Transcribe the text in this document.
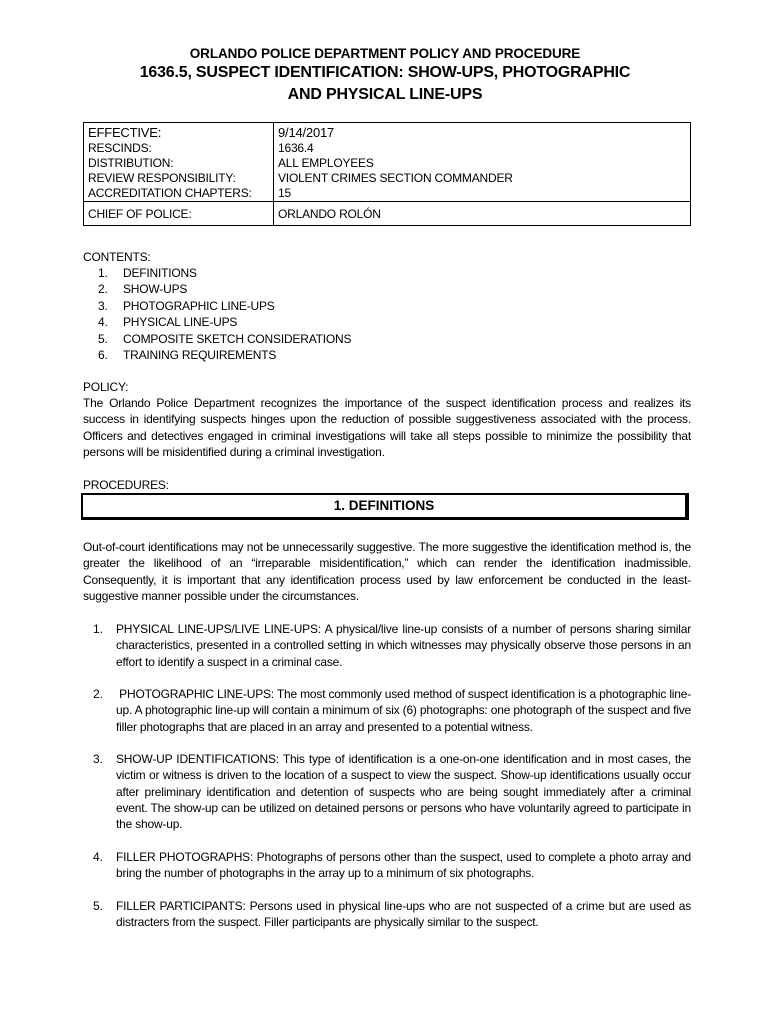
ORLANDO POLICE DEPARTMENT POLICY AND PROCEDURE
1636.5, SUSPECT IDENTIFICATION: SHOW-UPS, PHOTOGRAPHIC
AND PHYSICAL LINE-UPS
EFFECTIVE:	9/14/2017
RESCINDS:	1636.4
DISTRIBUTION:	ALL EMPLOYEES
REVIEW RESPONSIBILITY:	VIOLENT CRIMES SECTION COMMANDER
ACCREDITATION CHAPTERS:	15
CHIEF OF POLICE:	ORLANDO ROLÓN
CONTENTS:
1.	DEFINITIONS
2.	SHOW-UPS
3.	PHOTOGRAPHIC LINE-UPS
4.	PHYSICAL LINE-UPS
5.	COMPOSITE SKETCH CONSIDERATIONS
6.	TRAINING REQUIREMENTS
POLICY:
The Orlando Police Department recognizes the importance of the suspect identification process and realizes its success in identifying suspects hinges upon the reduction of possible suggestiveness associated with the process. Officers and detectives engaged in criminal investigations will take all steps possible to minimize the possibility that persons will be misidentified during a criminal investigation.
PROCEDURES:
1. DEFINITIONS
Out-of-court identifications may not be unnecessarily suggestive. The more suggestive the identification method is, the greater the likelihood of an “irreparable misidentification,” which can render the identification inadmissible. Consequently, it is important that any identification process used by law enforcement be conducted in the least-suggestive manner possible under the circumstances.
1. PHYSICAL LINE-UPS/LIVE LINE-UPS: A physical/live line-up consists of a number of persons sharing similar characteristics, presented in a controlled setting in which witnesses may physically observe those persons in an effort to identify a suspect in a criminal case.
2. PHOTOGRAPHIC LINE-UPS: The most commonly used method of suspect identification is a photographic line-up. A photographic line-up will contain a minimum of six (6) photographs: one photograph of the suspect and five filler photographs that are placed in an array and presented to a potential witness.
3. SHOW-UP IDENTIFICATIONS: This type of identification is a one-on-one identification and in most cases, the victim or witness is driven to the location of a suspect to view the suspect. Show-up identifications usually occur after preliminary identification and detention of suspects who are being sought immediately after a criminal event. The show-up can be utilized on detained persons or persons who have voluntarily agreed to participate in the show-up.
4. FILLER PHOTOGRAPHS: Photographs of persons other than the suspect, used to complete a photo array and bring the number of photographs in the array up to a minimum of six photographs.
5. FILLER PARTICIPANTS: Persons used in physical line-ups who are not suspected of a crime but are used as distracters from the suspect. Filler participants are physically similar to the suspect.
